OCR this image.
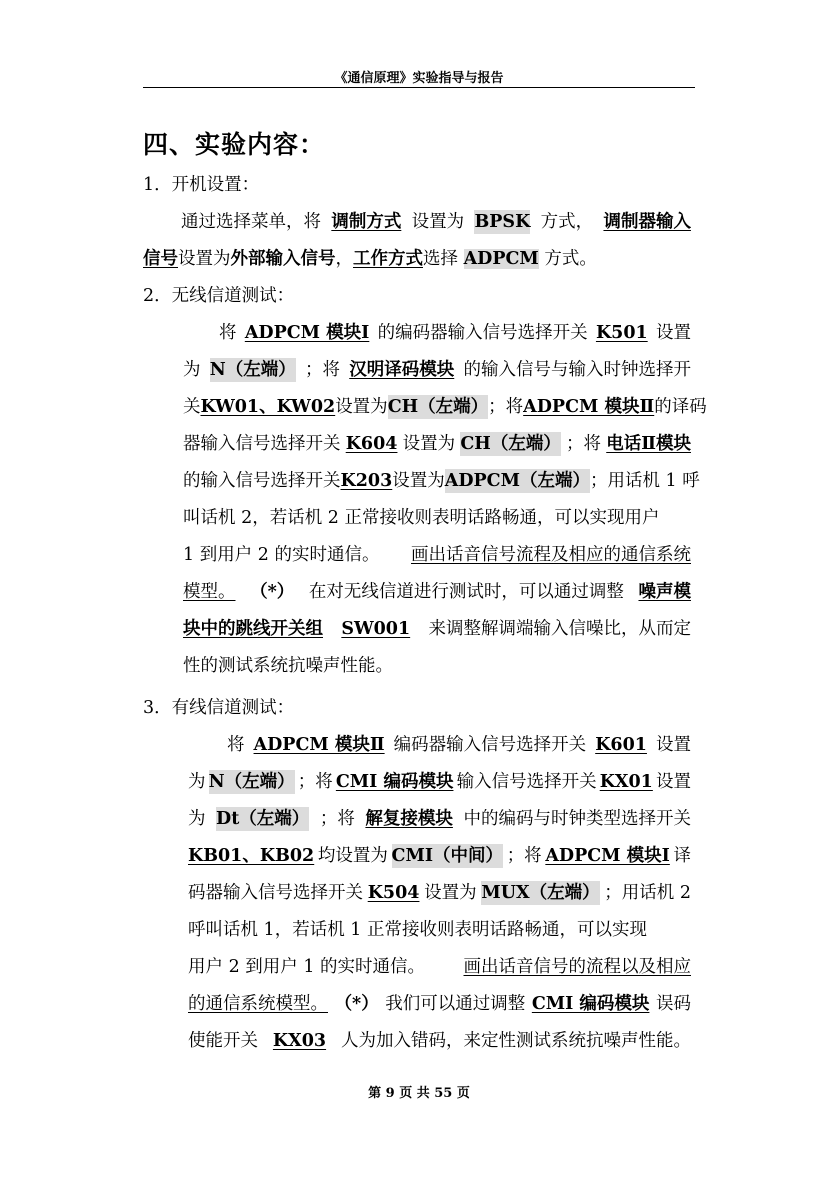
《通信原理》实验指导与报告
四、实验内容：
1．开机设置：
通过选择菜单，将 调制方式 设置为 BPSK 方式， 调制器输入
信号设置为外部输入信号，工作方式选择 ADPCM 方式。
2．无线信道测试：
将 ADPCM 模块Ⅰ 的编码器输入信号选择开关 K501 设置
为 N（左端） ；将 汉明译码模块 的输入信号与输入时钟选择开
关 KW01、KW02 设置为 CH（左端） ；将 ADPCM 模块Ⅱ 的译码
器输入信号选择开关 K604 设置为 CH（左端） ；将 电话Ⅱ模块
的输入信号选择开关 K203 设置为 ADPCM（左端） ；用话机 1 呼
叫话机 2，若话机 2 正常接收则表明话路畅通，可以实现用户
1 到用户 2 的实时通信。 画出话音信号流程及相应的通信系统
模型。 （*） 在对无线信道进行测试时，可以通过调整 噪声模
块中的跳线开关组 SW001 来调整解调端输入信噪比，从而定
性的测试系统抗噪声性能。
3．有线信道测试：
将 ADPCM 模块Ⅱ 编码器输入信号选择开关 K601 设置
为 N（左端） ；将 CMI 编码模块 输入信号选择开关 KX01 设置
为 Dt（左端） ；将 解复接模块 中的编码与时钟类型选择开关
KB01、KB02 均设置为 CMI（中间） ；将 ADPCM 模块Ⅰ 译
码器输入信号选择开关 K504 设置为 MUX（左端） ；用话机 2
呼叫话机 1，若话机 1 正常接收则表明话路畅通，可以实现
用户 2 到用户 1 的实时通信。 画出话音信号的流程以及相应
的通信系统模型。 （*） 我们可以通过调整 CMI 编码模块 误码
使能开关 KX03 人为加入错码，来定性测试系统抗噪声性能。
第 9 页 共 55 页
